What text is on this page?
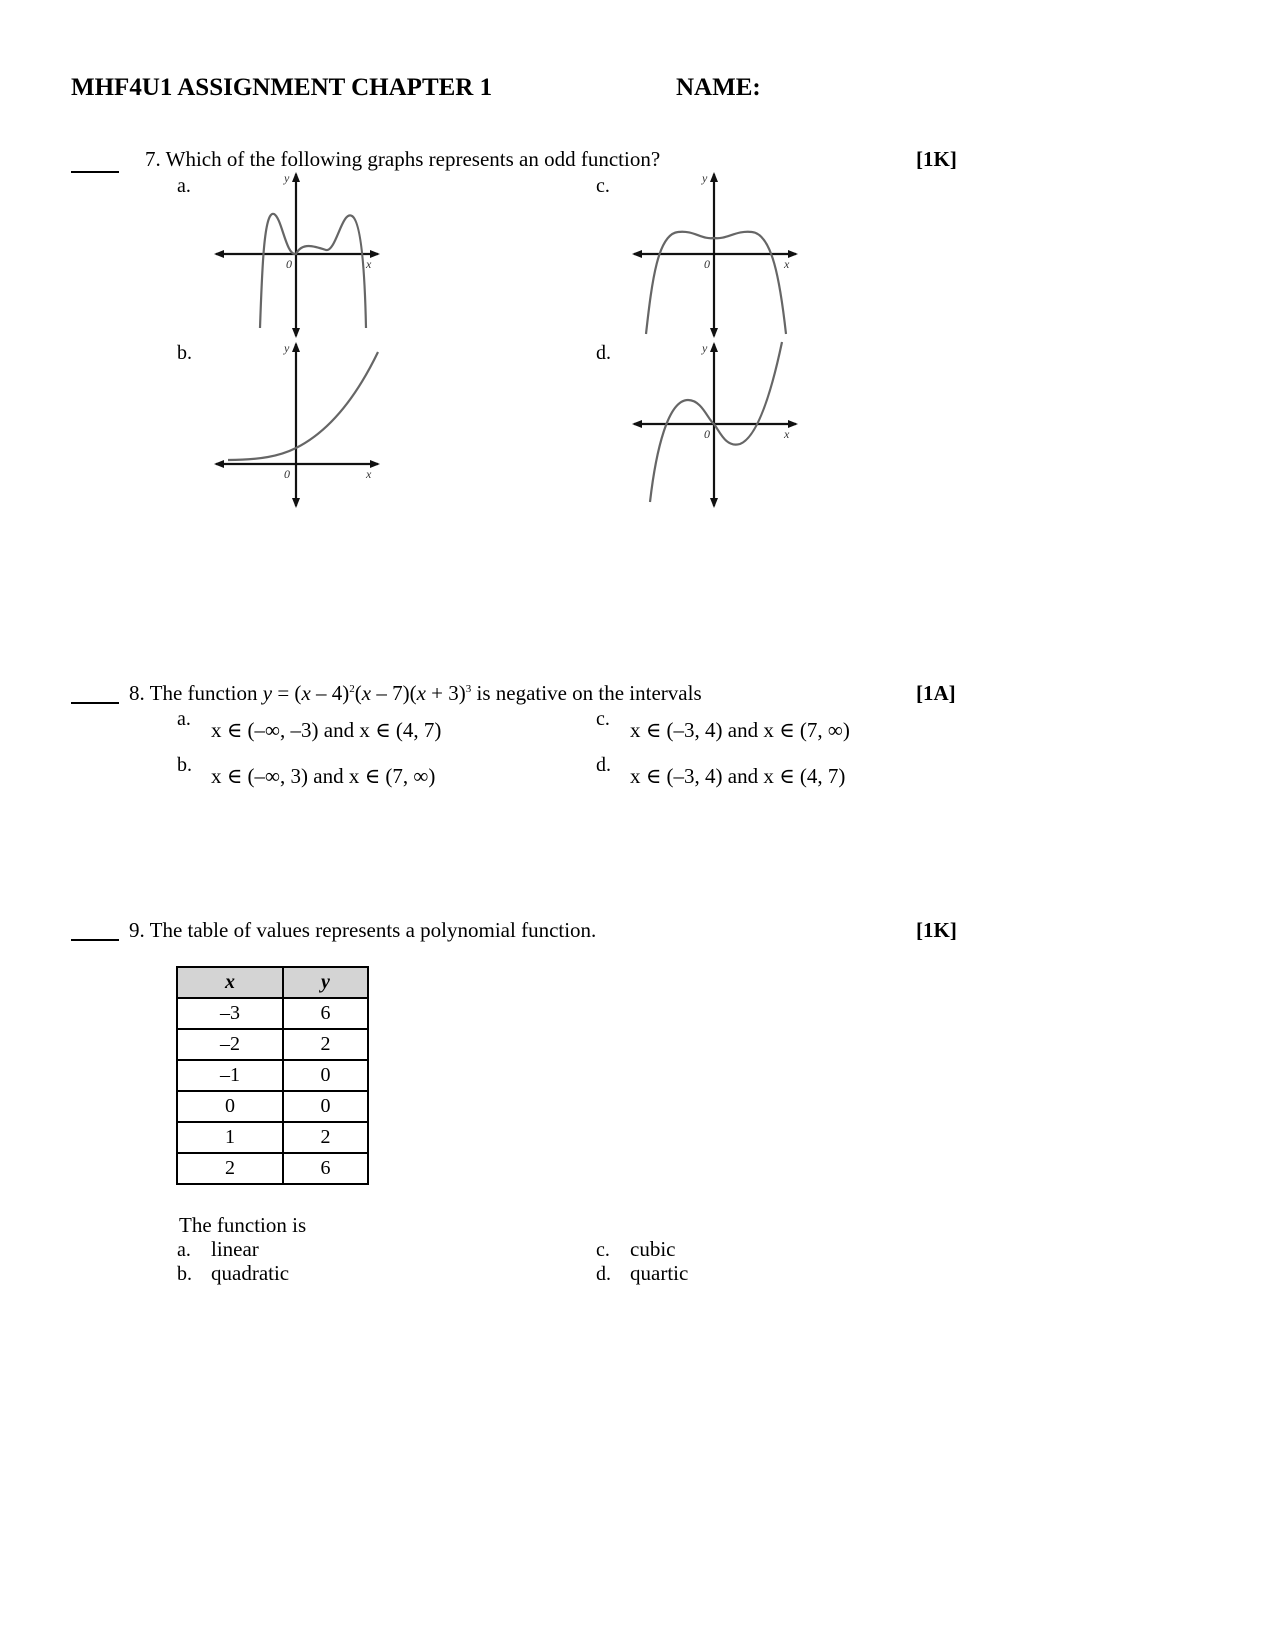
MHF4U1 ASSIGNMENT CHAPTER 1	NAME:
7. Which of the following graphs represents an odd function?	[1K]
a.	c.
b.	d.
y
x
0
y
x
0
y
x
0
y
x
0
8. The function $y = (x - 4)^2(x - 7)(x + 3)^3$ is negative on the intervals	[1A]
a. x ∈ (–∞, –3) and x ∈ (4, 7)	c. x ∈ (–3, 4) and x ∈ (7, ∞)
b. x ∈ (–∞, 3) and x ∈ (7, ∞)	d. x ∈ (–3, 4) and x ∈ (4, 7)
9. The table of values represents a polynomial function.	[1K]
x	y
–3	6
–2	2
–1	0
0	0
1	2
2	6
The function is
a. linear
b. quadratic
c. cubic
d. quartic
